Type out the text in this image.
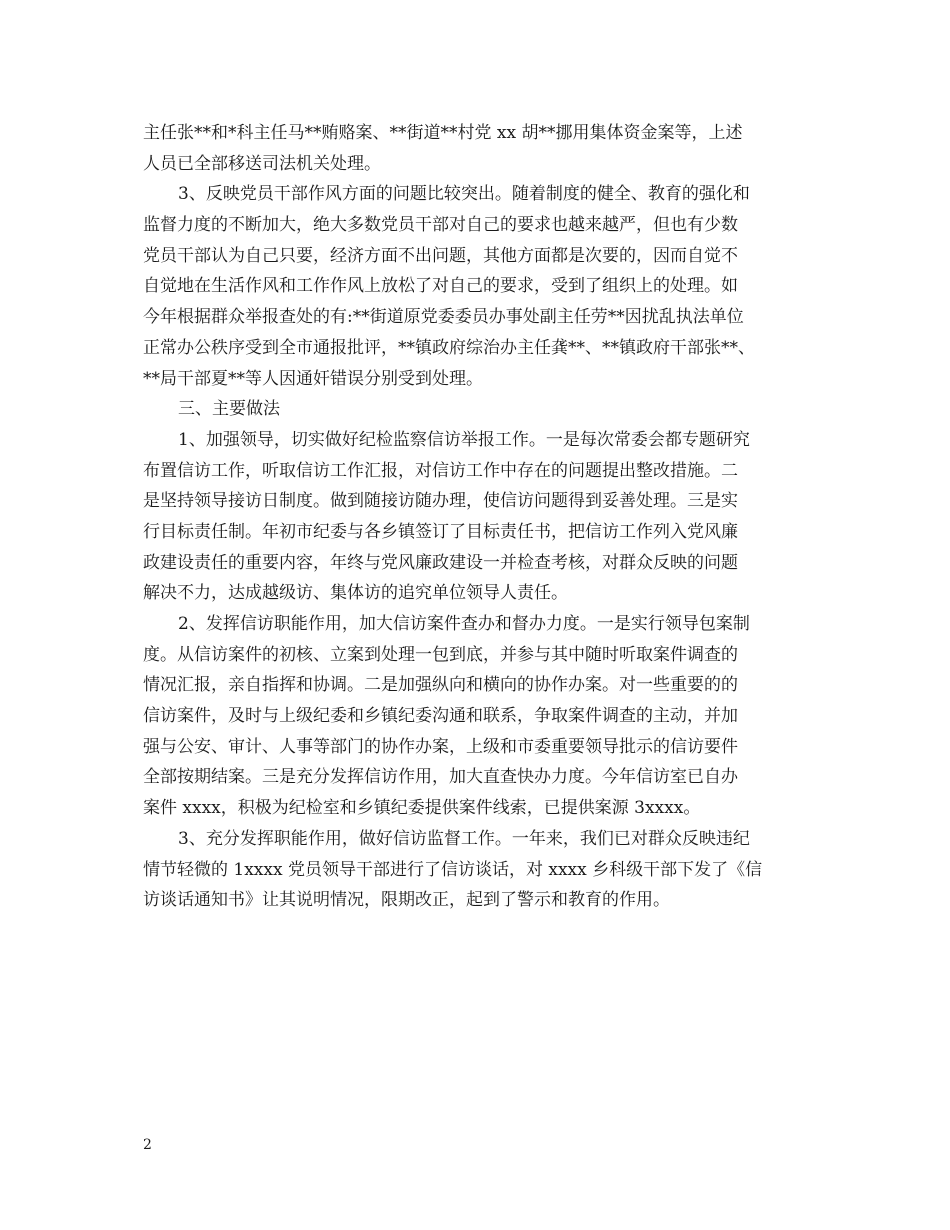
主任张**和*科主任马**贿赂案、**街道**村党 xx 胡**挪用集体资金案等，上述
人员已全部移送司法机关处理。
3、反映党员干部作风方面的问题比较突出。随着制度的健全、教育的强化和
监督力度的不断加大，绝大多数党员干部对自己的要求也越来越严，但也有少数
党员干部认为自己只要，经济方面不出问题，其他方面都是次要的，因而自觉不
自觉地在生活作风和工作作风上放松了对自己的要求，受到了组织上的处理。如
今年根据群众举报查处的有:**街道原党委委员办事处副主任劳**因扰乱执法单位
正常办公秩序受到全市通报批评，**镇政府综治办主任龚**、**镇政府干部张**、
**局干部夏**等人因通奸错误分别受到处理。
三、主要做法
1、加强领导，切实做好纪检监察信访举报工作。一是每次常委会都专题研究
布置信访工作，听取信访工作汇报，对信访工作中存在的问题提出整改措施。二
是坚持领导接访日制度。做到随接访随办理，使信访问题得到妥善处理。三是实
行目标责任制。年初市纪委与各乡镇签订了目标责任书，把信访工作列入党风廉
政建设责任的重要内容，年终与党风廉政建设一并检查考核，对群众反映的问题
解决不力，达成越级访、集体访的追究单位领导人责任。
2、发挥信访职能作用，加大信访案件查办和督办力度。一是实行领导包案制
度。从信访案件的初核、立案到处理一包到底，并参与其中随时听取案件调查的
情况汇报，亲自指挥和协调。二是加强纵向和横向的协作办案。对一些重要的的
信访案件，及时与上级纪委和乡镇纪委沟通和联系，争取案件调查的主动，并加
强与公安、审计、人事等部门的协作办案，上级和市委重要领导批示的信访要件
全部按期结案。三是充分发挥信访作用，加大直查快办力度。今年信访室已自办
案件 xxxx，积极为纪检室和乡镇纪委提供案件线索，已提供案源 3xxxx。
3、充分发挥职能作用，做好信访监督工作。一年来，我们已对群众反映违纪
情节轻微的 1xxxx 党员领导干部进行了信访谈话，对 xxxx 乡科级干部下发了《信
访谈话通知书》让其说明情况，限期改正，起到了警示和教育的作用。
2
